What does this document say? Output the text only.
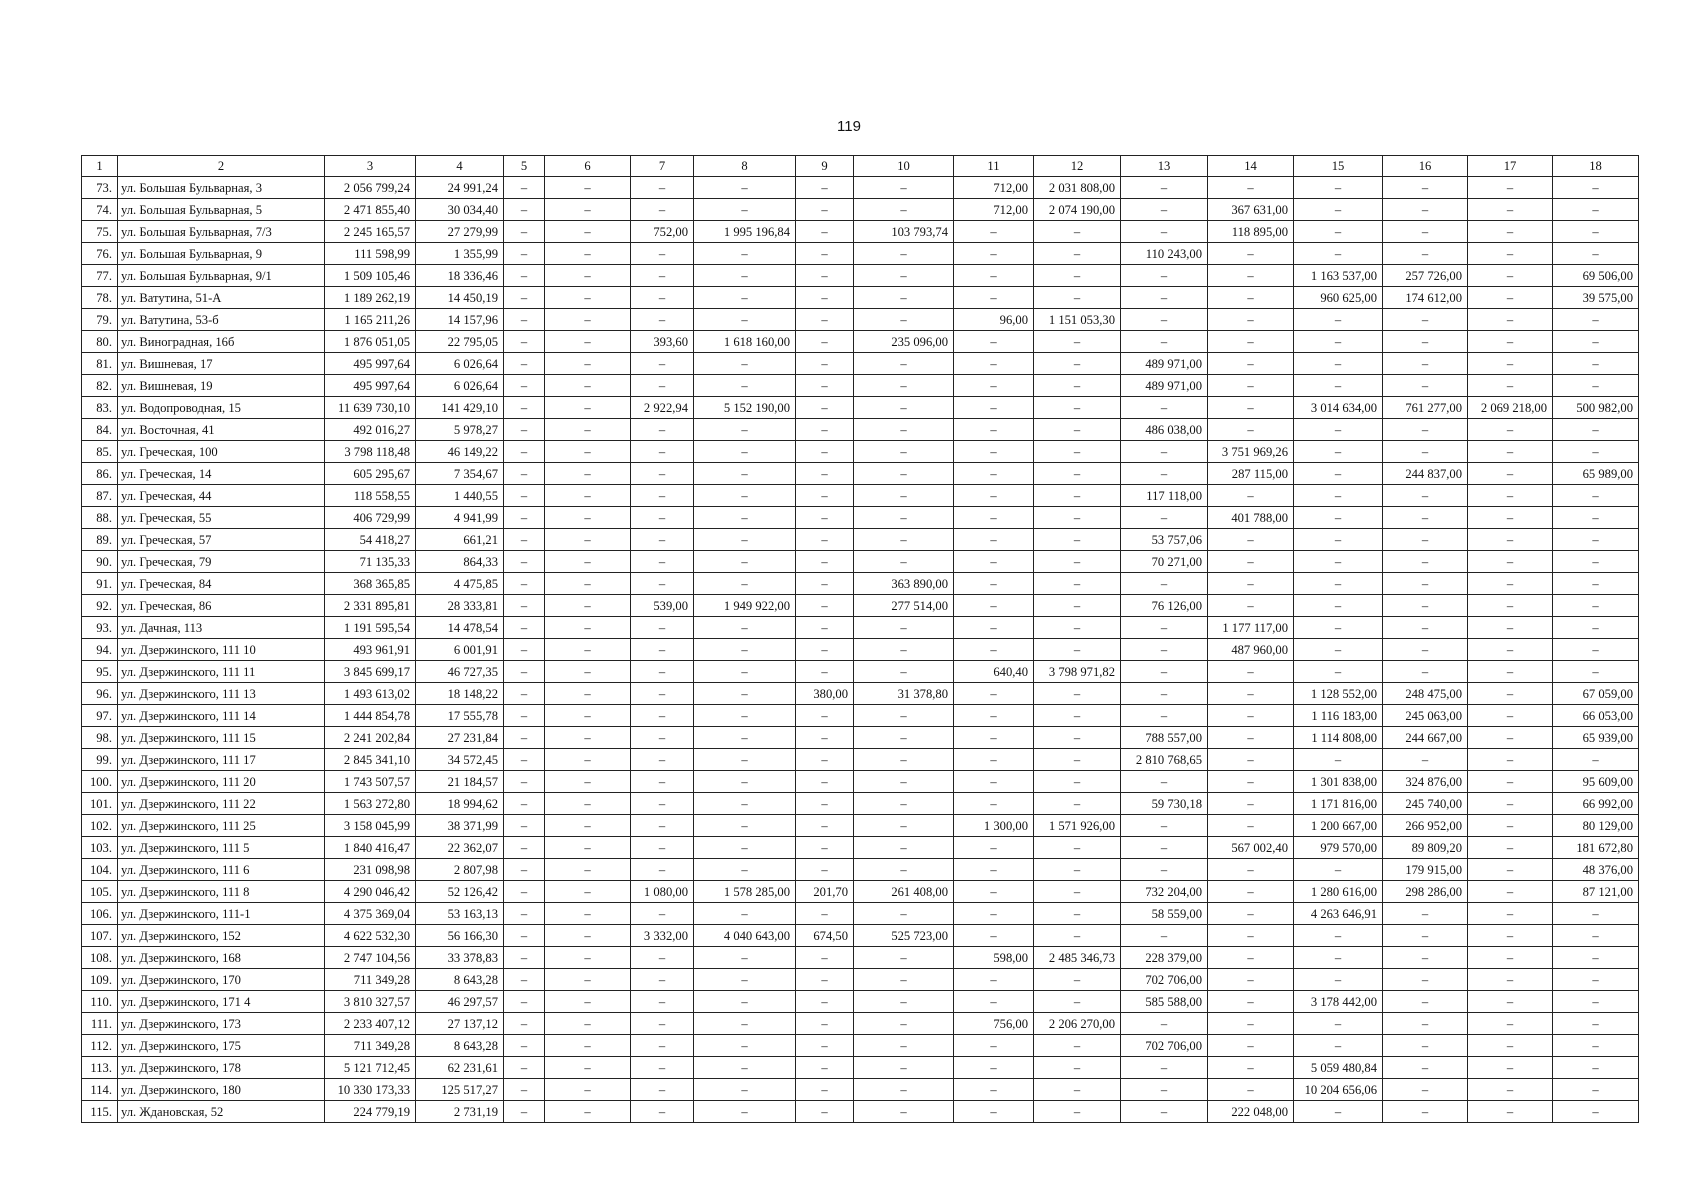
119
1	2	3	4	5	6	7	8	9	10	11	12	13	14	15	16	17	18
73.	ул. Большая Бульварная, 3	2 056 799,24	24 991,24	–	–	–	–	–	–	712,00	2 031 808,00	–	–	–	–	–	–
74.	ул. Большая Бульварная, 5	2 471 855,40	30 034,40	–	–	–	–	–	–	712,00	2 074 190,00	–	367 631,00	–	–	–	–
75.	ул. Большая Бульварная, 7/3	2 245 165,57	27 279,99	–	–	752,00	1 995 196,84	–	103 793,74	–	–	–	118 895,00	–	–	–	–
76.	ул. Большая Бульварная, 9	111 598,99	1 355,99	–	–	–	–	–	–	–	–	110 243,00	–	–	–	–	–
77.	ул. Большая Бульварная, 9/1	1 509 105,46	18 336,46	–	–	–	–	–	–	–	–	–	–	1 163 537,00	257 726,00	–	69 506,00
78.	ул. Ватутина, 51-А	1 189 262,19	14 450,19	–	–	–	–	–	–	–	–	–	–	960 625,00	174 612,00	–	39 575,00
79.	ул. Ватутина, 53-б	1 165 211,26	14 157,96	–	–	–	–	–	–	96,00	1 151 053,30	–	–	–	–	–	–
80.	ул. Виноградная, 16б	1 876 051,05	22 795,05	–	–	393,60	1 618 160,00	–	235 096,00	–	–	–	–	–	–	–	–
81.	ул. Вишневая, 17	495 997,64	6 026,64	–	–	–	–	–	–	–	–	489 971,00	–	–	–	–	–
82.	ул. Вишневая, 19	495 997,64	6 026,64	–	–	–	–	–	–	–	–	489 971,00	–	–	–	–	–
83.	ул. Водопроводная, 15	11 639 730,10	141 429,10	–	–	2 922,94	5 152 190,00	–	–	–	–	–	–	3 014 634,00	761 277,00	2 069 218,00	500 982,00
84.	ул. Восточная, 41	492 016,27	5 978,27	–	–	–	–	–	–	–	–	486 038,00	–	–	–	–	–
85.	ул. Греческая, 100	3 798 118,48	46 149,22	–	–	–	–	–	–	–	–	–	3 751 969,26	–	–	–	–
86.	ул. Греческая, 14	605 295,67	7 354,67	–	–	–	–	–	–	–	–	–	287 115,00	–	244 837,00	–	65 989,00
87.	ул. Греческая, 44	118 558,55	1 440,55	–	–	–	–	–	–	–	–	117 118,00	–	–	–	–	–
88.	ул. Греческая, 55	406 729,99	4 941,99	–	–	–	–	–	–	–	–	–	401 788,00	–	–	–	–
89.	ул. Греческая, 57	54 418,27	661,21	–	–	–	–	–	–	–	–	53 757,06	–	–	–	–	–
90.	ул. Греческая, 79	71 135,33	864,33	–	–	–	–	–	–	–	–	70 271,00	–	–	–	–	–
91.	ул. Греческая, 84	368 365,85	4 475,85	–	–	–	–	–	363 890,00	–	–	–	–	–	–	–	–
92.	ул. Греческая, 86	2 331 895,81	28 333,81	–	–	539,00	1 949 922,00	–	277 514,00	–	–	76 126,00	–	–	–	–	–
93.	ул. Дачная, 113	1 191 595,54	14 478,54	–	–	–	–	–	–	–	–	–	1 177 117,00	–	–	–	–
94.	ул. Дзержинского, 111 10	493 961,91	6 001,91	–	–	–	–	–	–	–	–	–	487 960,00	–	–	–	–
95.	ул. Дзержинского, 111 11	3 845 699,17	46 727,35	–	–	–	–	–	–	640,40	3 798 971,82	–	–	–	–	–	–
96.	ул. Дзержинского, 111 13	1 493 613,02	18 148,22	–	–	–	–	380,00	31 378,80	–	–	–	–	1 128 552,00	248 475,00	–	67 059,00
97.	ул. Дзержинского, 111 14	1 444 854,78	17 555,78	–	–	–	–	–	–	–	–	–	–	1 116 183,00	245 063,00	–	66 053,00
98.	ул. Дзержинского, 111 15	2 241 202,84	27 231,84	–	–	–	–	–	–	–	–	788 557,00	–	1 114 808,00	244 667,00	–	65 939,00
99.	ул. Дзержинского, 111 17	2 845 341,10	34 572,45	–	–	–	–	–	–	–	–	2 810 768,65	–	–	–	–	–
100.	ул. Дзержинского, 111 20	1 743 507,57	21 184,57	–	–	–	–	–	–	–	–	–	–	1 301 838,00	324 876,00	–	95 609,00
101.	ул. Дзержинского, 111 22	1 563 272,80	18 994,62	–	–	–	–	–	–	–	–	59 730,18	–	1 171 816,00	245 740,00	–	66 992,00
102.	ул. Дзержинского, 111 25	3 158 045,99	38 371,99	–	–	–	–	–	–	1 300,00	1 571 926,00	–	–	1 200 667,00	266 952,00	–	80 129,00
103.	ул. Дзержинского, 111 5	1 840 416,47	22 362,07	–	–	–	–	–	–	–	–	–	567 002,40	979 570,00	89 809,20	–	181 672,80
104.	ул. Дзержинского, 111 6	231 098,98	2 807,98	–	–	–	–	–	–	–	–	–	–	–	179 915,00	–	48 376,00
105.	ул. Дзержинского, 111 8	4 290 046,42	52 126,42	–	–	1 080,00	1 578 285,00	201,70	261 408,00	–	–	732 204,00	–	1 280 616,00	298 286,00	–	87 121,00
106.	ул. Дзержинского, 111-1	4 375 369,04	53 163,13	–	–	–	–	–	–	–	–	58 559,00	–	4 263 646,91	–	–	–
107.	ул. Дзержинского, 152	4 622 532,30	56 166,30	–	–	3 332,00	4 040 643,00	674,50	525 723,00	–	–	–	–	–	–	–	–
108.	ул. Дзержинского, 168	2 747 104,56	33 378,83	–	–	–	–	–	–	598,00	2 485 346,73	228 379,00	–	–	–	–	–
109.	ул. Дзержинского, 170	711 349,28	8 643,28	–	–	–	–	–	–	–	–	702 706,00	–	–	–	–	–
110.	ул. Дзержинского, 171 4	3 810 327,57	46 297,57	–	–	–	–	–	–	–	–	585 588,00	–	3 178 442,00	–	–	–
111.	ул. Дзержинского, 173	2 233 407,12	27 137,12	–	–	–	–	–	–	756,00	2 206 270,00	–	–	–	–	–	–
112.	ул. Дзержинского, 175	711 349,28	8 643,28	–	–	–	–	–	–	–	–	702 706,00	–	–	–	–	–
113.	ул. Дзержинского, 178	5 121 712,45	62 231,61	–	–	–	–	–	–	–	–	–	–	5 059 480,84	–	–	–
114.	ул. Дзержинского, 180	10 330 173,33	125 517,27	–	–	–	–	–	–	–	–	–	–	10 204 656,06	–	–	–
115.	ул. Ждановская, 52	224 779,19	2 731,19	–	–	–	–	–	–	–	–	–	222 048,00	–	–	–	–
